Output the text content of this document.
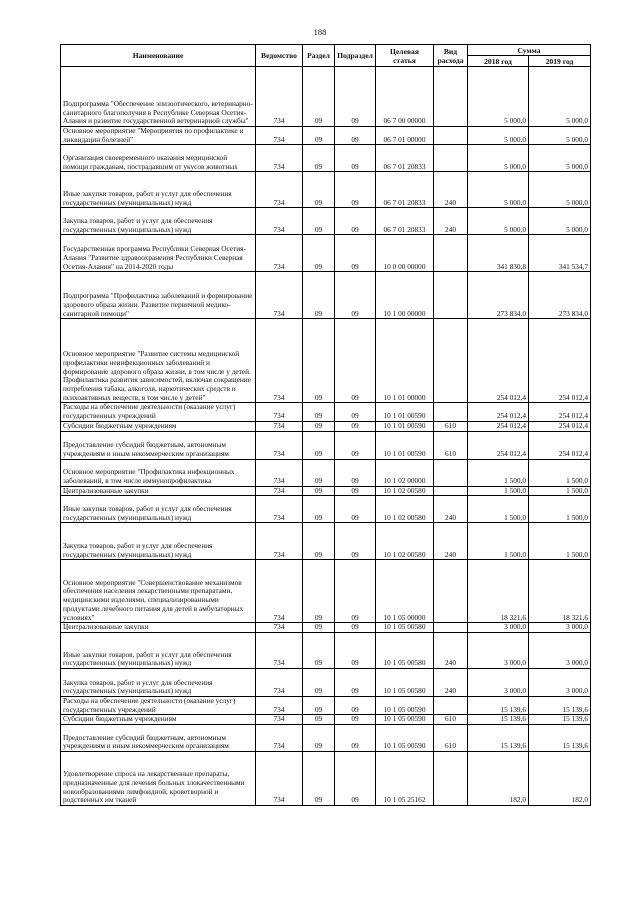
188
Наименование	Ведомство	Раздел	Подраздел	Целевая статья	Вид расхода	Сумма	
						2018 год	2019 год
Подпрограмма "Обеспечение эпизоотического, ветеринарно-санитарного благополучия в Республике Северная Осетия-Алания и развитие государственной ветеринарной службы"	734	09	09	06 7 00 00000		5 000,0	5 000,0
Основное мероприятие "Мероприятия по профилактике и ликвидации болезней"	734	09	09	06 7 01 00000		5 000,0	5 000,0
Организация своевременного оказания медицинской помощи гражданам, пострадавшим от укусов животных	734	09	09	06 7 01 20833		5 000,0	5 000,0
Иные закупки товаров, работ и услуг для обеспечения государственных (муниципальных) нужд	734	09	09	06 7 01 20833	240	5 000,0	5 000,0
Закупка товаров, работ и услуг для обеспечения государственных (муниципальных) нужд	734	09	09	06 7 01 20833	240	5 000,0	5 000,0
Государственная программа Республики Северная Осетия-Алания "Развитие здравоохранения Республики Северная Осетия-Алания" на 2014-2020 годы	734	09	09	10 0 00 00000		341 830,8	341 534,7
Подпрограмма "Профилактика заболеваний и формирование здорового образа жизни. Развитие первичной медико-санитарной помощи"	734	09	09	10 1 00 00000		273 834,0	273 834,0
Основное мероприятие "Развитие системы медицинской профилактики неинфекционных заболеваний и формирование здорового образа жизни, в том числе у детей. Профилактика развития зависимостей, включая сокращение потребления табака, алкоголя, наркотических средств и психоактивных веществ, в том числе у детей"	734	09	09	10 1 01 00000		254 012,4	254 012,4
Расходы на обеспечение деятельности (оказание услуг) государственных учреждений	734	09	09	10 1 01 00590		254 012,4	254 012,4
Субсидии бюджетным учреждениям	734	09	09	10 1 01 00590	610	254 012,4	254 012,4
Предоставление субсидий бюджетным, автономным учреждениям и иным некоммерческим организациям	734	09	09	10 1 01 00590	610	254 012,4	254 012,4
Основное мероприятие "Профилактика инфекционных заболеваний, в том числе иммунопрофилактика	734	09	09	10 1 02 00000		1 500,0	1 500,0
Централизованные закупки	734	09	09	10 1 02 00580		1 500,0	1 500,0
Иные закупки товаров, работ и услуг для обеспечения государственных (муниципальных) нужд	734	09	09	10 1 02 00580	240	1 500,0	1 500,0
Закупка товаров, работ и услуг для обеспечения государственных (муниципальных) нужд	734	09	09	10 1 02 00580	240	1 500,0	1 500,0
Основное мероприятие "Совершенствование механизмов обеспечения населения лекарственными препаратами, медицинскими изделиями, специализированными продуктами лечебного питания для детей в амбулаторных условиях"	734	09	09	10 1 05 00000		18 321,6	18 321,6
Централизованные закупки	734	09	09	10 1 05 00580		3 000,0	3 000,0
Иные закупки товаров, работ и услуг для обеспечения государственных (муниципальных) нужд	734	09	09	10 1 05 00580	240	3 000,0	3 000,0
Закупка товаров, работ и услуг для обеспечения государственных (муниципальных) нужд	734	09	09	10 1 05 00580	240	3 000,0	3 000,0
Расходы на обеспечение деятельности (оказание услуг) государственных учреждений	734	09	09	10 1 05 00590		15 139,6	15 139,6
Субсидии бюджетным учреждениям	734	09	09	10 1 05 00590	610	15 139,6	15 139,6
Предоставление субсидий бюджетным, автономным учреждениям и иным некоммерческим организациям	734	09	09	10 1 05 00590	610	15 139,6	15 139,6
Удовлетворение спроса на лекарственные препараты, предназначенные для лечения больных злокачественными новообразованиями лимфоидной, кроветворной и родственных им тканей	734	09	09	10 1 05 25162		182,0	182,0
